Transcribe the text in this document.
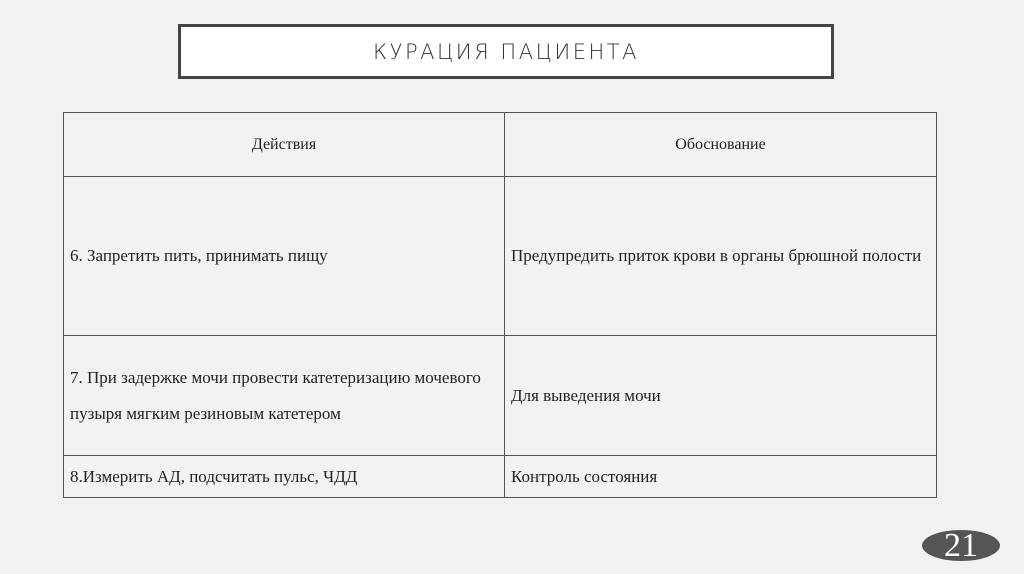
КУРАЦИЯ ПАЦИЕНТА
Действия	Обоснование
6. Запретить пить, принимать пищу	Предупредить приток крови в органы брюшной полости
7. При задержке мочи провести катетеризацию мочевого пузыря мягким резиновым катетером	Для выведения мочи
8.Измерить АД, подсчитать пульс, ЧДД	Контроль состояния
21
